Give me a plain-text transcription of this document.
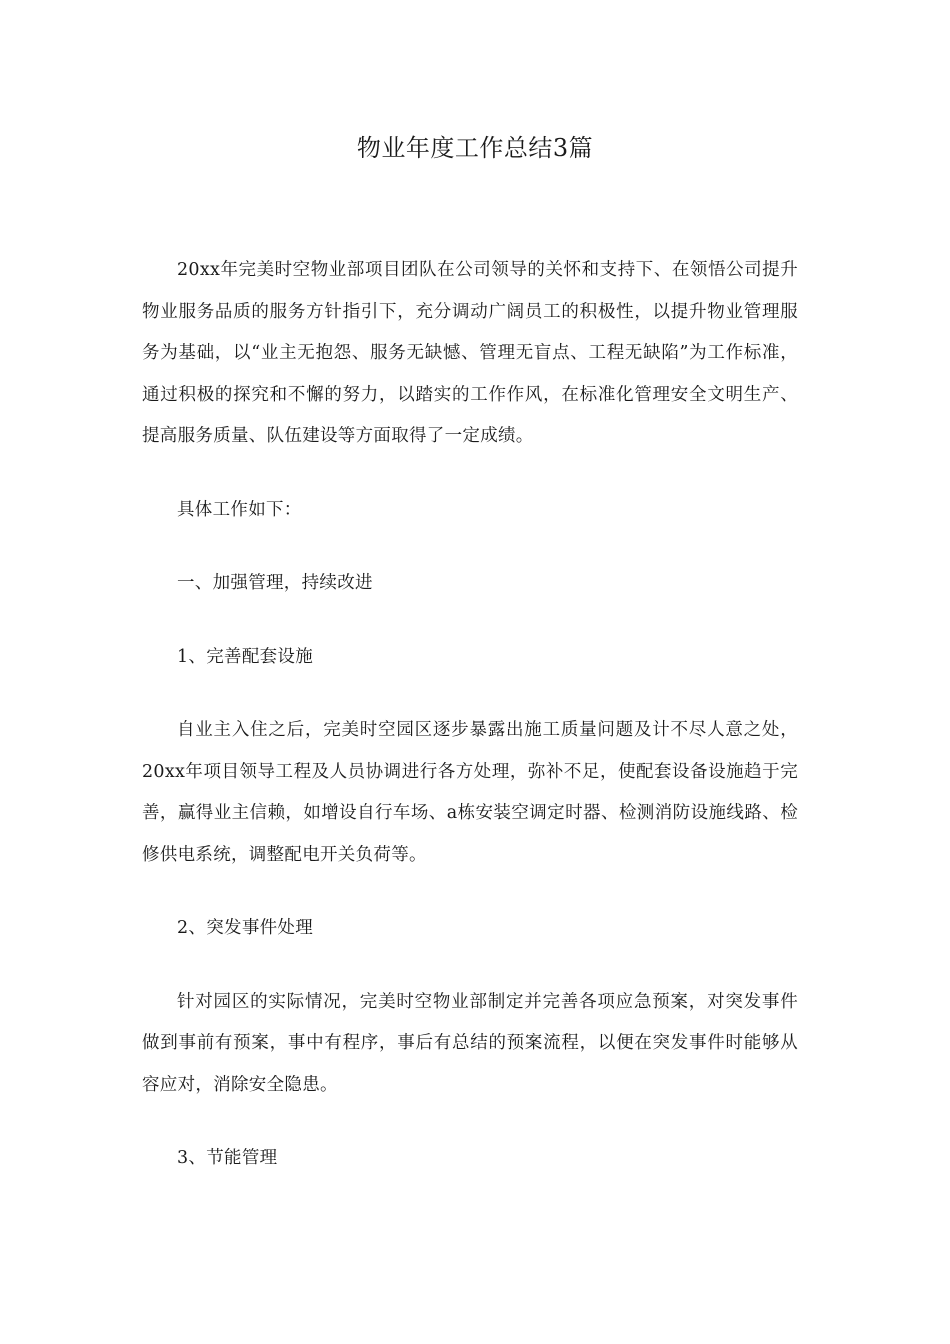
物业年度工作总结3篇

20xx年完美时空物业部项目团队在公司领导的关怀和支持下、在领悟公司提升物业服务品质的服务方针指引下，充分调动广阔员工的积极性，以提升物业管理服务为基础，以“业主无抱怨、服务无缺憾、管理无盲点、工程无缺陷”为工作标准，通过积极的探究和不懈的努力，以踏实的工作作风，在标准化管理安全文明生产、提高服务质量、队伍建设等方面取得了一定成绩。

具体工作如下：

一、加强管理，持续改进

1、完善配套设施

自业主入住之后，完美时空园区逐步暴露出施工质量问题及计不尽人意之处，20xx年项目领导工程及人员协调进行各方处理，弥补不足，使配套设备设施趋于完善，赢得业主信赖，如增设自行车场、a栋安装空调定时器、检测消防设施线路、检修供电系统，调整配电开关负荷等。

2、突发事件处理

针对园区的实际情况，完美时空物业部制定并完善各项应急预案，对突发事件做到事前有预案，事中有程序，事后有总结的预案流程，以便在突发事件时能够从容应对，消除安全隐患。

3、节能管理
